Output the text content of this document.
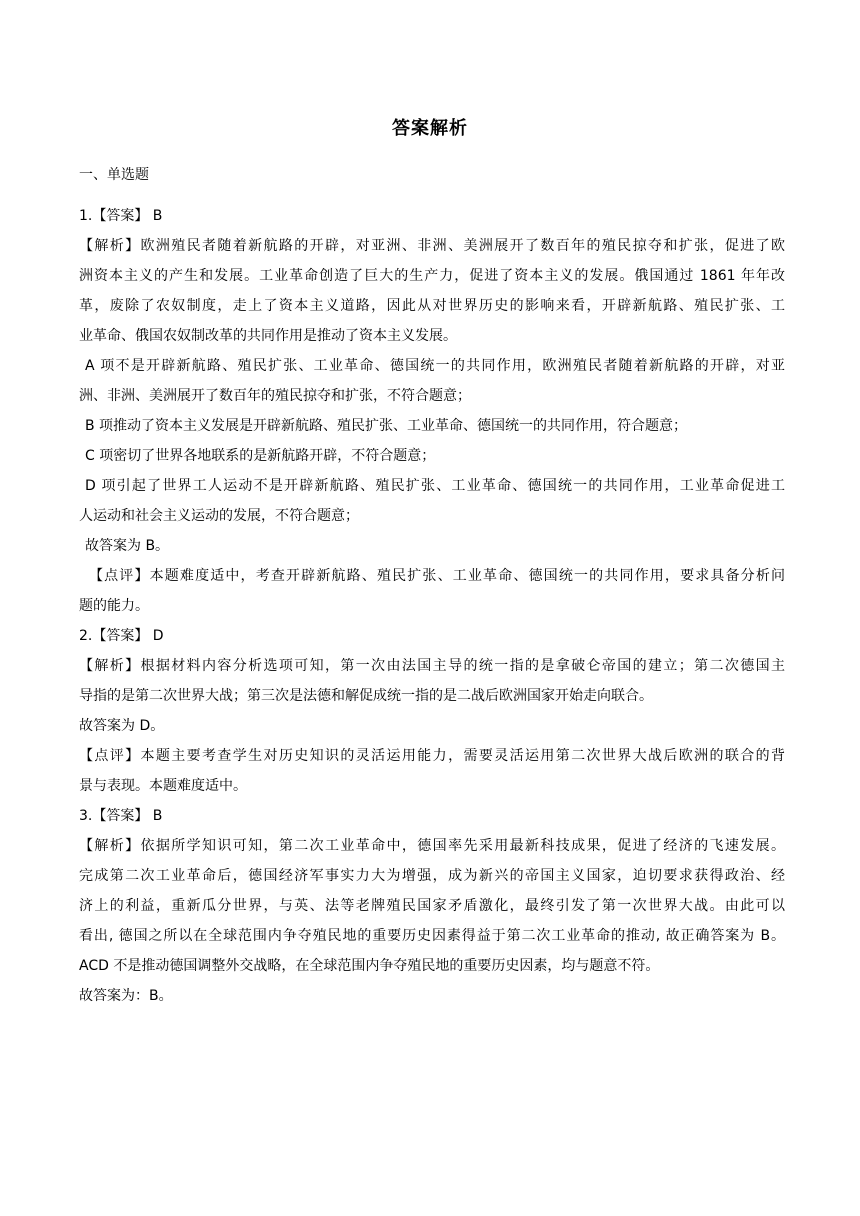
答案解析
一、单选题
1.【答案】 B
【解析】欧洲殖民者随着新航路的开辟，对亚洲、非洲、美洲展开了数百年的殖民掠夺和扩张，促进了欧
洲资本主义的产生和发展。工业革命创造了巨大的生产力，促进了资本主义的发展。俄国通过 1861 年年改
革，废除了农奴制度，走上了资本主义道路，因此从对世界历史的影响来看，开辟新航路、殖民扩张、工
业革命、俄国农奴制改革的共同作用是推动了资本主义发展。
A 项不是开辟新航路、殖民扩张、工业革命、德国统一的共同作用，欧洲殖民者随着新航路的开辟，对亚
洲、非洲、美洲展开了数百年的殖民掠夺和扩张，不符合题意；
B 项推动了资本主义发展是开辟新航路、殖民扩张、工业革命、德国统一的共同作用，符合题意；
C 项密切了世界各地联系的是新航路开辟，不符合题意；
D 项引起了世界工人运动不是开辟新航路、殖民扩张、工业革命、德国统一的共同作用，工业革命促进工
人运动和社会主义运动的发展，不符合题意；
故答案为 B。
【点评】本题难度适中，考查开辟新航路、殖民扩张、工业革命、德国统一的共同作用，要求具备分析问
题的能力。
2.【答案】 D
【解析】根据材料内容分析选项可知，第一次由法国主导的统一指的是拿破仑帝国的建立；第二次德国主
导指的是第二次世界大战；第三次是法德和解促成统一指的是二战后欧洲国家开始走向联合。
故答案为 D。
【点评】本题主要考查学生对历史知识的灵活运用能力，需要灵活运用第二次世界大战后欧洲的联合的背
景与表现。本题难度适中。
3.【答案】 B
【解析】依据所学知识可知，第二次工业革命中，德国率先采用最新科技成果，促进了经济的飞速发展。
完成第二次工业革命后，德国经济军事实力大为增强，成为新兴的帝国主义国家，迫切要求获得政治、经
济上的利益，重新瓜分世界，与英、法等老牌殖民国家矛盾激化，最终引发了第一次世界大战。由此可以
看出, 德国之所以在全球范围内争夺殖民地的重要历史因素得益于第二次工业革命的推动, 故正确答案为 B。
ACD 不是推动德国调整外交战略，在全球范围内争夺殖民地的重要历史因素，均与题意不符。
故答案为：B。
